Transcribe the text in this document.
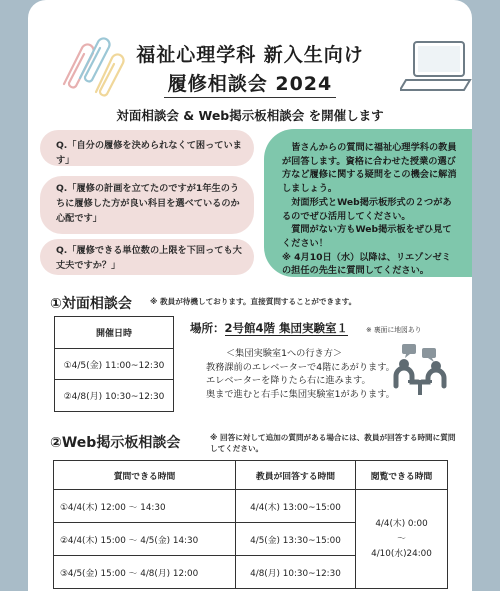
福祉心理学科 新入生向け
履修相談会 2024
対面相談会 & Web掲示板相談会 を開催します
Q.「自分の履修を決められなくて困っています」
Q.「履修の計画を立てたのですが1年生のうちに履修した方が良い科目を選べているのか心配です」
Q.「履修できる単位数の上限を下回っても大丈夫ですか？」

皆さんからの質問に福祉心理学科の教員が回答します。資格に合わせた授業の選び方など履修に関する疑問をこの機会に解消しましょう。

対面形式とWeb掲示板形式の２つがあるのでぜひ活用してください。

質問がない方もWeb掲示板をぜひ見てください！

※ 4月10日（水）以降は、リエゾンゼミの担任の先生に質問してください。

①対面相談会 ※ 教員が待機しております。直接質問することができます。
開催日時
①4/5(金) 11:00~12:30
②4/8(月) 10:30~12:30
場所：2号館4階 集団実験室１	※ 裏面に地図あり
＜集団実験室1への行き方＞
教務課前のエレベーターで4階にあがります。
エレベーターを降りたら右に進みます。
奥まで進むと右手に集団実験室1があります。
②Web掲示板相談会	※ 回答に対して追加の質問がある場合には、教員が回答する時間に質問してください。
質問できる時間	教員が回答する時間	閲覧できる時間
①4/4(木) 12:00 ～ 14:30	4/4(木) 13:00~15:00	4/4(木) 0:00
～
4/10(水)24:00

②4/4(木) 15:00 ～ 4/5(金) 14:30	4/5(金) 13:30~15:00	
③4/5(金) 15:00 ～ 4/8(月) 12:00	4/8(月) 10:30~12:30	
